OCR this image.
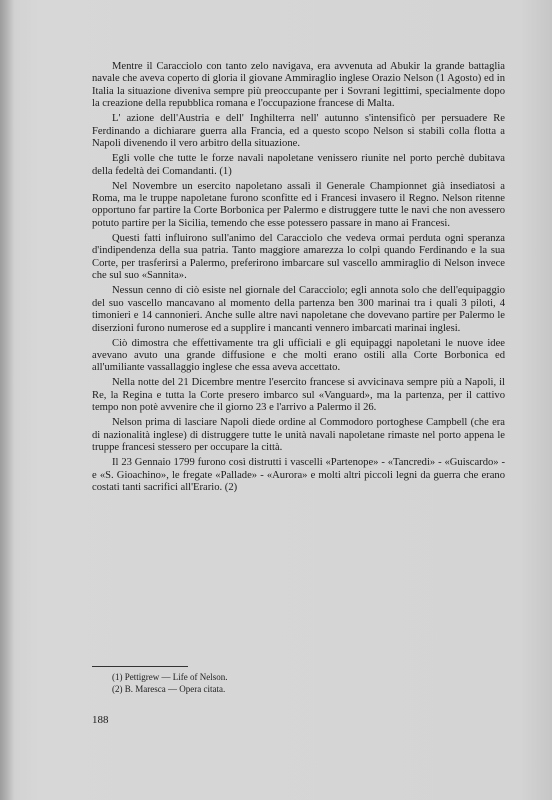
Mentre il Caracciolo con tanto zelo navigava, era avvenuta ad Abukir la grande battaglia navale che aveva coperto di gloria il giovane Ammiraglio inglese Orazio Nelson (1 Agosto) ed in Italia la situazione diveniva sempre più preoccupante per i Sovrani legittimi, specialmente dopo la creazione della repubblica romana e l'occupazione francese di Malta.

L' azione dell'Austria e dell' Inghilterra nell' autunno s'intensificò per persuadere Re Ferdinando a dichiarare guerra alla Francia, ed a questo scopo Nelson si stabilì colla flotta a Napoli divenendo il vero arbitro della situazione.

Egli volle che tutte le forze navali napoletane venissero riunite nel porto perchè dubitava della fedeltà dei Comandanti. (1)

Nel Novembre un esercito napoletano assalì il Generale Championnet già insediatosi a Roma, ma le truppe napoletane furono sconfitte ed i Francesi invasero il Regno. Nelson ritenne opportuno far partire la Corte Borbonica per Palermo e distruggere tutte le navi che non avessero potuto partire per la Sicilia, temendo che esse potessero passare in mano ai Francesi.

Questi fatti influirono sull'animo del Caracciolo che vedeva ormai perduta ogni speranza d'indipendenza della sua patria. Tanto maggiore amarezza lo colpì quando Ferdinando e la sua Corte, per trasferirsi a Palermo, preferirono imbarcare sul vascello ammiraglio di Nelson invece che sul suo «Sannita».

Nessun cenno di ciò esiste nel giornale del Caracciolo; egli annota solo che dell'equipaggio del suo vascello mancavano al momento della partenza ben 300 marinai tra i quali 3 piloti, 4 timonieri e 14 cannonieri. Anche sulle altre navi napoletane che dovevano partire per Palermo le diserzioni furono numerose ed a supplire i mancanti vennero imbarcati marinai inglesi.

Ciò dimostra che effettivamente tra gli ufficiali e gli equipaggi napoletani le nuove idee avevano avuto una grande diffusione e che molti erano ostili alla Corte Borbonica ed all'umiliante vassallaggio inglese che essa aveva accettato.

Nella notte del 21 Dicembre mentre l'esercito francese si avvicinava sempre più a Napoli, il Re, la Regina e tutta la Corte presero imbarco sul «Vanguard», ma la partenza, per il cattivo tempo non potè avvenire che il giorno 23 e l'arrivo a Palermo il 26.

Nelson prima di lasciare Napoli diede ordine al Commodoro portoghese Campbell (che era di nazionalità inglese) di distruggere tutte le unità navali napoletane rimaste nel porto appena le truppe francesi stessero per occupare la città.

Il 23 Gennaio 1799 furono così distrutti i vascelli «Partenope» - «Tancredi» - «Guiscardo» - e «S. Gioachino», le fregate «Pallade» - «Aurora» e molti altri piccoli legni da guerra che erano costati tanti sacrifici all'Erario. (2)

(1) Pettigrew — Life of Nelson.

(2) B. Maresca — Opera citata.

188
